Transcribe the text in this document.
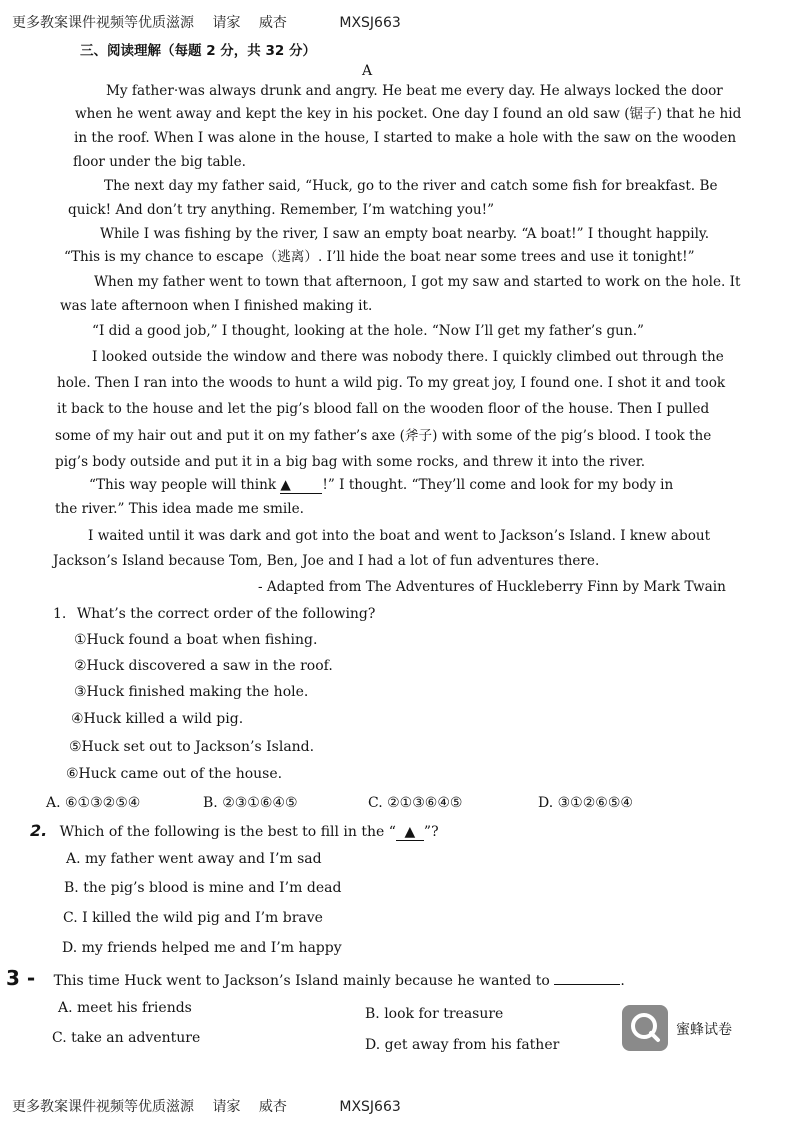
更多教案课件视频等优质滋源 请家 威杏	MXSJ663
三、阅读理解（每题 2 分，共 32 分）
A
My father·was always drunk and angry. He beat me every day. He always locked the door
when he went away and kept the key in his pocket. One day I found an old saw (锯子) that he hid
in the roof. When I was alone in the house, I started to make a hole with the saw on the wooden
floor under the big table.
The next day my father said, “Huck, go to the river and catch some fish for breakfast. Be
quick! And don’t try anything. Remember, I’m watching you!”
While I was fishing by the river, I saw an empty boat nearby. “A boat!” I thought happily.
“This is my chance to escape（逃离）. I’ll hide the boat near some trees and use it tonight!”
When my father went to town that afternoon, I got my saw and started to work on the hole. It
was late afternoon when I finished making it.
“I did a good job,” I thought, looking at the hole. “Now I’ll get my father’s gun.”
I looked outside the window and there was nobody there. I quickly climbed out through the
hole. Then I ran into the woods to hunt a wild pig. To my great joy, I found one. I shot it and took
it back to the house and let the pig’s blood fall on the wooden floor of the house. Then I pulled
some of my hair out and put it on my father’s axe (斧子) with some of the pig’s blood. I took the
pig’s body outside and put it in a big bag with some rocks, and threw it into the river.
“This way people will think ▲ !” I thought. “They’ll come and look for my body in
the river.” This idea made me smile.
I waited until it was dark and got into the boat and went to Jackson’s Island. I knew about
Jackson’s Island because Tom, Ben, Joe and I had a lot of fun adventures there.
- Adapted from The Adventures of Huckleberry Finn by Mark Twain
1. What’s the correct order of the following?
①Huck found a boat when fishing.
②Huck discovered a saw in the roof.
③Huck finished making the hole.
④Huck killed a wild pig.
⑤Huck set out to Jackson’s Island.
⑥Huck came out of the house.
A. ⑥①③②⑤④	B. ②③①⑥④⑤	C. ②①③⑥④⑤	D. ③①②⑥⑤④
2. Which of the following is the best to fill in the “ ▲ ”?
A. my father went away and I’m sad
B. the pig’s blood is mine and I’m dead
C. I killed the wild pig and I’m brave
D. my friends helped me and I’m happy
3 - This time Huck went to Jackson’s Island mainly because he wanted to	.
A. meet his friends	B. look for treasure
C. take an adventure	D. get away from his father
蜜蜂试卷
更多教案课件视频等优质滋源 请家 威杏	MXSJ663
